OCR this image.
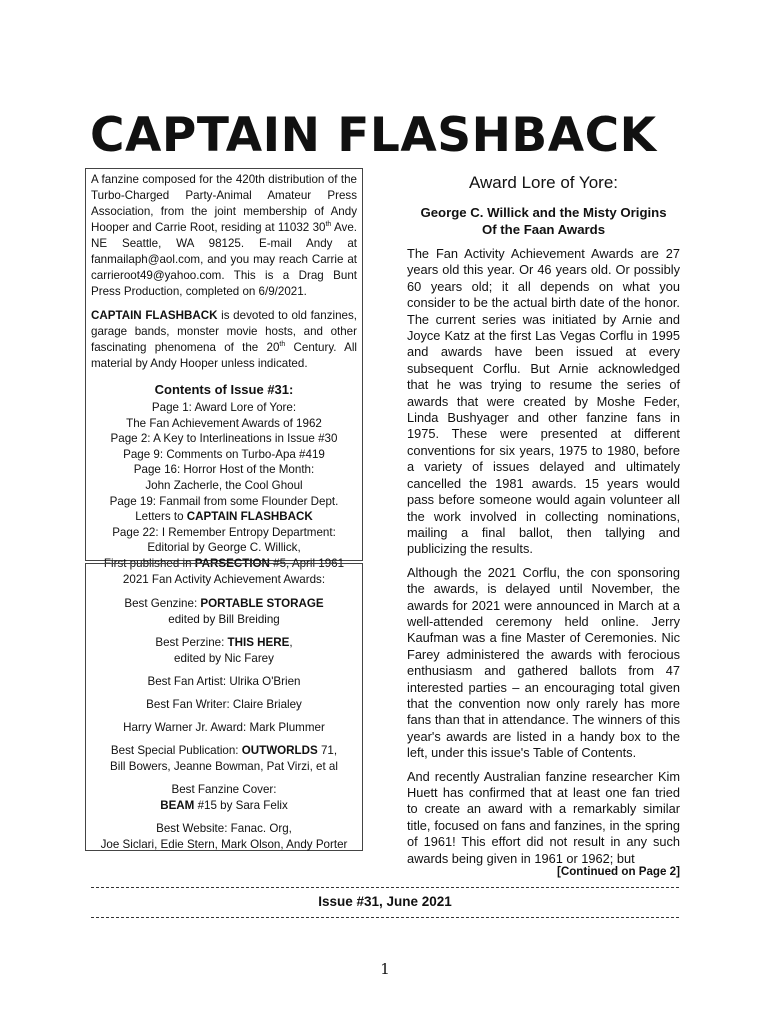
CAPTAIN FLASHBACK

A fanzine composed for the 420th distribution of the Turbo-Charged Party-Animal Amateur Press Association, from the joint membership of Andy Hooper and Carrie Root, residing at 11032 30th Ave. NE Seattle, WA 98125. E-mail Andy at fanmailaph@aol.com, and you may reach Carrie at carrieroot49@yahoo.com. This is a Drag Bunt Press Production, completed on 6/9/2021.

CAPTAIN FLASHBACK is devoted to old fanzines, garage bands, monster movie hosts, and other fascinating phenomena of the 20th Century. All material by Andy Hooper unless indicated.

Contents of Issue #31:
Page 1: Award Lore of Yore:
The Fan Achievement Awards of 1962
Page 2: A Key to Interlineations in Issue #30
Page 9: Comments on Turbo-Apa #419
Page 16: Horror Host of the Month:
John Zacherle, the Cool Ghoul
Page 19: Fanmail from some Flounder Dept.
Letters to CAPTAIN FLASHBACK
Page 22: I Remember Entropy Department:
Editorial by George C. Willick,
First published in PARSECTION #5, April 1961
2021 Fan Activity Achievement Awards:
Best Genzine: PORTABLE STORAGE
edited by Bill Breiding
Best Perzine: THIS HERE,
edited by Nic Farey
Best Fan Artist: Ulrika O'Brien
Best Fan Writer: Claire Brialey
Harry Warner Jr. Award: Mark Plummer
Best Special Publication: OUTWORLDS 71,
Bill Bowers, Jeanne Bowman, Pat Virzi, et al
Best Fanzine Cover:
BEAM #15 by Sara Felix
Best Website: Fanac. Org,
Joe Siclari, Edie Stern, Mark Olson, Andy Porter
Award Lore of Yore:
George C. Willick and the Misty Origins
Of the Faan Awards

The Fan Activity Achievement Awards are 27 years old this year. Or 46 years old. Or possibly 60 years old; it all depends on what you consider to be the actual birth date of the honor. The current series was initiated by Arnie and Joyce Katz at the first Las Vegas Corflu in 1995 and awards have been issued at every subsequent Corflu. But Arnie acknowledged that he was trying to resume the series of awards that were created by Moshe Feder, Linda Bushyager and other fanzine fans in 1975. These were presented at different conventions for six years, 1975 to 1980, before a variety of issues delayed and ultimately cancelled the 1981 awards. 15 years would pass before someone would again volunteer all the work involved in collecting nominations, mailing a final ballot, then tallying and publicizing the results.

Although the 2021 Corflu, the con sponsoring the awards, is delayed until November, the awards for 2021 were announced in March at a well-attended ceremony held online. Jerry Kaufman was a fine Master of Ceremonies. Nic Farey administered the awards with ferocious enthusiasm and gathered ballots from 47 interested parties – an encouraging total given that the convention now only rarely has more fans than that in attendance. The winners of this year's awards are listed in a handy box to the left, under this issue's Table of Contents.

And recently Australian fanzine researcher Kim Huett has confirmed that at least one fan tried to create an award with a remarkably similar title, focused on fans and fanzines, in the spring of 1961! This effort did not result in any such awards being given in 1961 or 1962; but

[Continued on Page 2]
Issue #31, June 2021
1
